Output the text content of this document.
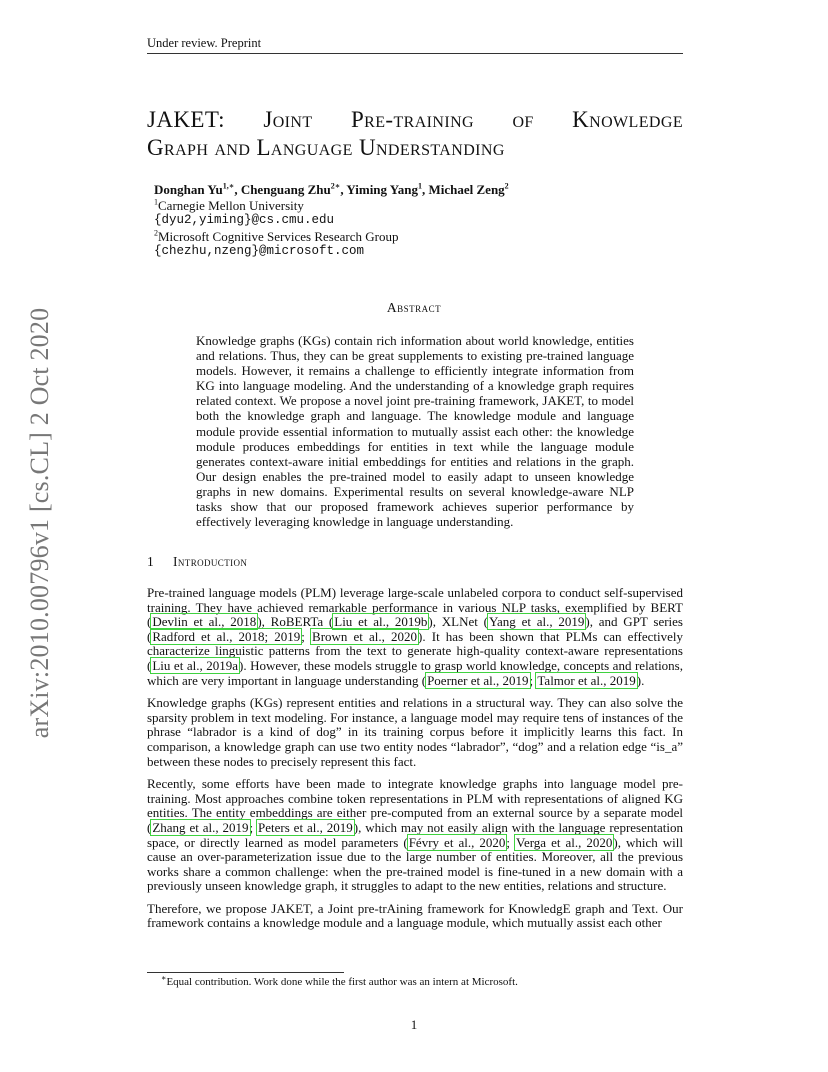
Under review. Preprint
arXiv:2010.00796v1 [cs.CL] 2 Oct 2020
JAKET: Joint Pre-training of Knowledge
Graph and Language Understanding
Donghan $Yu^{1,∗}$, Chenguang Zhu$^{2∗}$, Yiming Yang$^1$, Michael Zeng$^2$
$^1$Carnegie Mellon University
{dyu2,yiming}@cs.cmu.edu
$^2$Microsoft Cognitive Services Research Group
{chezhu,nzeng}@microsoft.com
Abstract

Knowledge graphs (KGs) contain rich information about world knowledge, entities and relations. Thus, they can be great supplements to existing pre-trained language models. However, it remains a challenge to efficiently integrate information from KG into language modeling. And the understanding of a knowledge graph requires related context. We propose a novel joint pre-training framework, JAKET, to model both the knowledge graph and language. The knowledge module and language module provide essential information to mutually assist each other: the knowledge module produces embeddings for entities in text while the language module generates context-aware initial embeddings for entities and relations in the graph. Our design enables the pre-trained model to easily adapt to unseen knowledge graphs in new domains. Experimental results on several knowledge-aware NLP tasks show that our proposed framework achieves superior performance by effectively leveraging knowledge in language understanding.

1 Introduction

Pre-trained language models (PLM) leverage large-scale unlabeled corpora to conduct self-supervised training. They have achieved remarkable performance in various NLP tasks, exemplified by BERT (Devlin et al., 2018), RoBERTa (Liu et al., 2019b), XLNet (Yang et al., 2019), and GPT series (Radford et al., 2018; 2019; Brown et al., 2020). It has been shown that PLMs can effectively characterize linguistic patterns from the text to generate high-quality context-aware representations (Liu et al., 2019a). However, these models struggle to grasp world knowledge, concepts and relations, which are very important in language understanding (Poerner et al., 2019; Talmor et al., 2019).

Knowledge graphs (KGs) represent entities and relations in a structural way. They can also solve the sparsity problem in text modeling. For instance, a language model may require tens of instances of the phrase “labrador is a kind of dog” in its training corpus before it implicitly learns this fact. In comparison, a knowledge graph can use two entity nodes “labrador”, “dog” and a relation edge “is_a” between these nodes to precisely represent this fact.

Recently, some efforts have been made to integrate knowledge graphs into language model pre-training. Most approaches combine token representations in PLM with representations of aligned KG entities. The entity embeddings are either pre-computed from an external source by a separate model (Zhang et al., 2019; Peters et al., 2019), which may not easily align with the language representation space, or directly learned as model parameters (Févry et al., 2020; Verga et al., 2020), which will cause an over-parameterization issue due to the large number of entities. Moreover, all the previous works share a common challenge: when the pre-trained model is fine-tuned in a new domain with a previously unseen knowledge graph, it struggles to adapt to the new entities, relations and structure.

Therefore, we propose JAKET, a Joint pre-trAining framework for KnowledgE graph and Text. Our framework contains a knowledge module and a language module, which mutually assist each other

∗Equal contribution. Work done while the first author was an intern at Microsoft.
1
